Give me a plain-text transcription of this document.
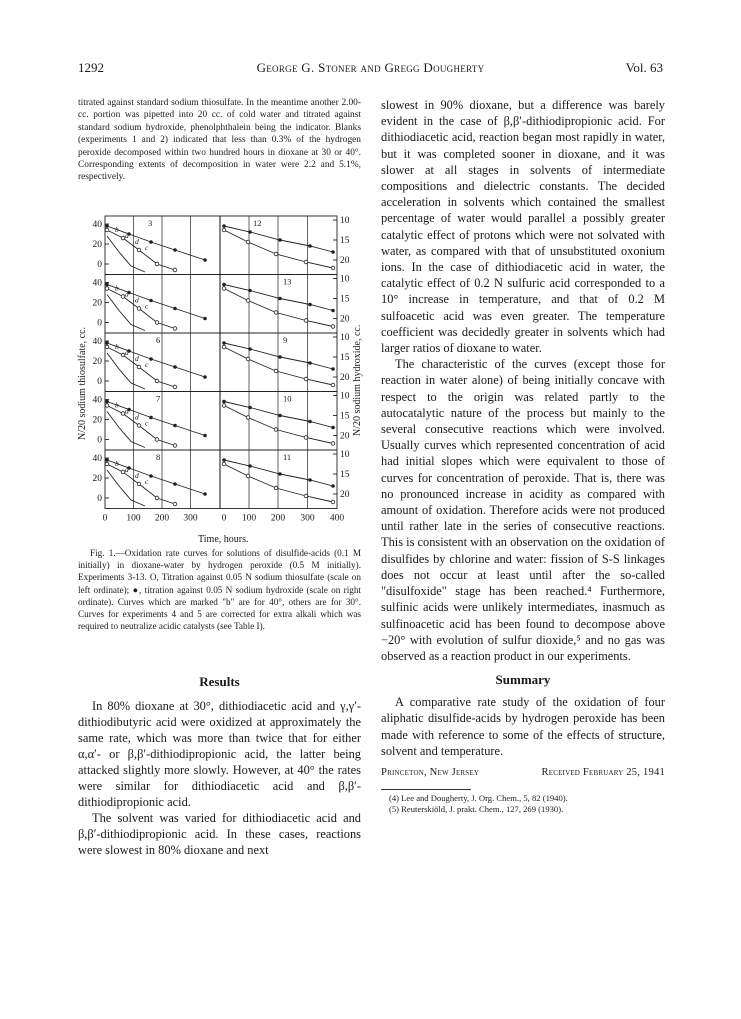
1292	George G. Stoner and Gregg Dougherty	Vol. 63

titrated against standard sodium thiosulfate. In the meantime another 2.00-cc. portion was pipetted into 20 cc. of cold water and titrated against standard sodium hydroxide, phenolphthalein being the indicator. Blanks (experiments 1 and 2) indicated that less than 0.3% of the hydrogen peroxide decomposed within two hundred hours in dioxane at 30 or 40°. Corresponding extents of decomposition in water were 2.2 and 5.1%, respectively.

40	10
20	15
0	20
3	12
40	10
20	15
0	20
13
40	10
20	15
0	20
6	9
40	10
20	15
0	20
7	10
40	10
20	15
0	20
8	11
b
a
d
c
b
a
d
c
b
a
d
c
b
a
d
c
b
a
d
c
0 100 200 300	0 100 200 300 400
N/20 sodium thiosulfate, cc.	N/20 sodium hydroxide, cc.
Time, hours.

Fig. 1.—Oxidation rate curves for solutions of disulfide-acids (0.1 M initially) in dioxane-water by hydrogen peroxide (0.5 M initially). Experiments 3-13. O, Titration against 0.05 N sodium thiosulfate (scale on left ordinate); ●, titration against 0.05 N sodium hydroxide (scale on right ordinate). Curves which are marked "b" are for 40°, others are for 30°. Curves for experiments 4 and 5 are corrected for extra alkali which was required to neutralize acidic catalysts (see Table I).

Results

In 80% dioxane at 30°, dithiodiacetic acid and γ,γ′-dithiodibutyric acid were oxidized at approximately the same rate, which was more than twice that for either α,α′- or β,β′-dithiodipropionic acid, the latter being attacked slightly more slowly. However, at 40° the rates were similar for dithiodiacetic acid and β,β′-dithiodipropionic acid.

The solvent was varied for dithiodiacetic acid and β,β′-dithiodipropionic acid. In these cases, reactions were slowest in 80% dioxane and next

slowest in 90% dioxane, but a difference was barely evident in the case of β,β′-dithiodipropionic acid. For dithiodiacetic acid, reaction began most rapidly in water, but it was completed sooner in dioxane, and it was slower at all stages in solvents of intermediate compositions and dielectric constants. The decided acceleration in solvents which contained the smallest percentage of water would parallel a possibly greater catalytic effect of protons which were not solvated with water, as compared with that of unsubstituted oxonium ions. In the case of dithiodiacetic acid in water, the catalytic effect of 0.2 N sulfuric acid corresponded to a 10° increase in temperature, and that of 0.2 M sulfoacetic acid was even greater. The temperature coefficient was decidedly greater in solvents which had larger ratios of dioxane to water.

The characteristic of the curves (except those for reaction in water alone) of being initially concave with respect to the origin was related partly to the autocatalytic nature of the process but mainly to the several consecutive reactions which were involved. Usually curves which represented concentration of acid had initial slopes which were equivalent to those of curves for concentration of peroxide. That is, there was no pronounced increase in acidity as compared with amount of oxidation. Therefore acids were not produced until rather late in the series of consecutive reactions. This is consistent with an observation on the oxidation of disulfides by chlorine and water: fission of S-S linkages does not occur at least until after the so-called "disulfoxide" stage has been reached.⁴ Furthermore, sulfinic acids were unlikely intermediates, inasmuch as sulfinoacetic acid has been found to decompose above −20° with evolution of sulfur dioxide,⁵ and no gas was observed as a reaction product in our experiments.

Summary

A comparative rate study of the oxidation of four aliphatic disulfide-acids by hydrogen peroxide has been made with reference to some of the effects of structure, solvent and temperature.

Princeton, New Jersey	Received February 25, 1941
(4) Lee and Dougherty, J. Org. Chem., 5, 82 (1940).
(5) Reuterskiöld, J. prakt. Chem., 127, 269 (1930).
